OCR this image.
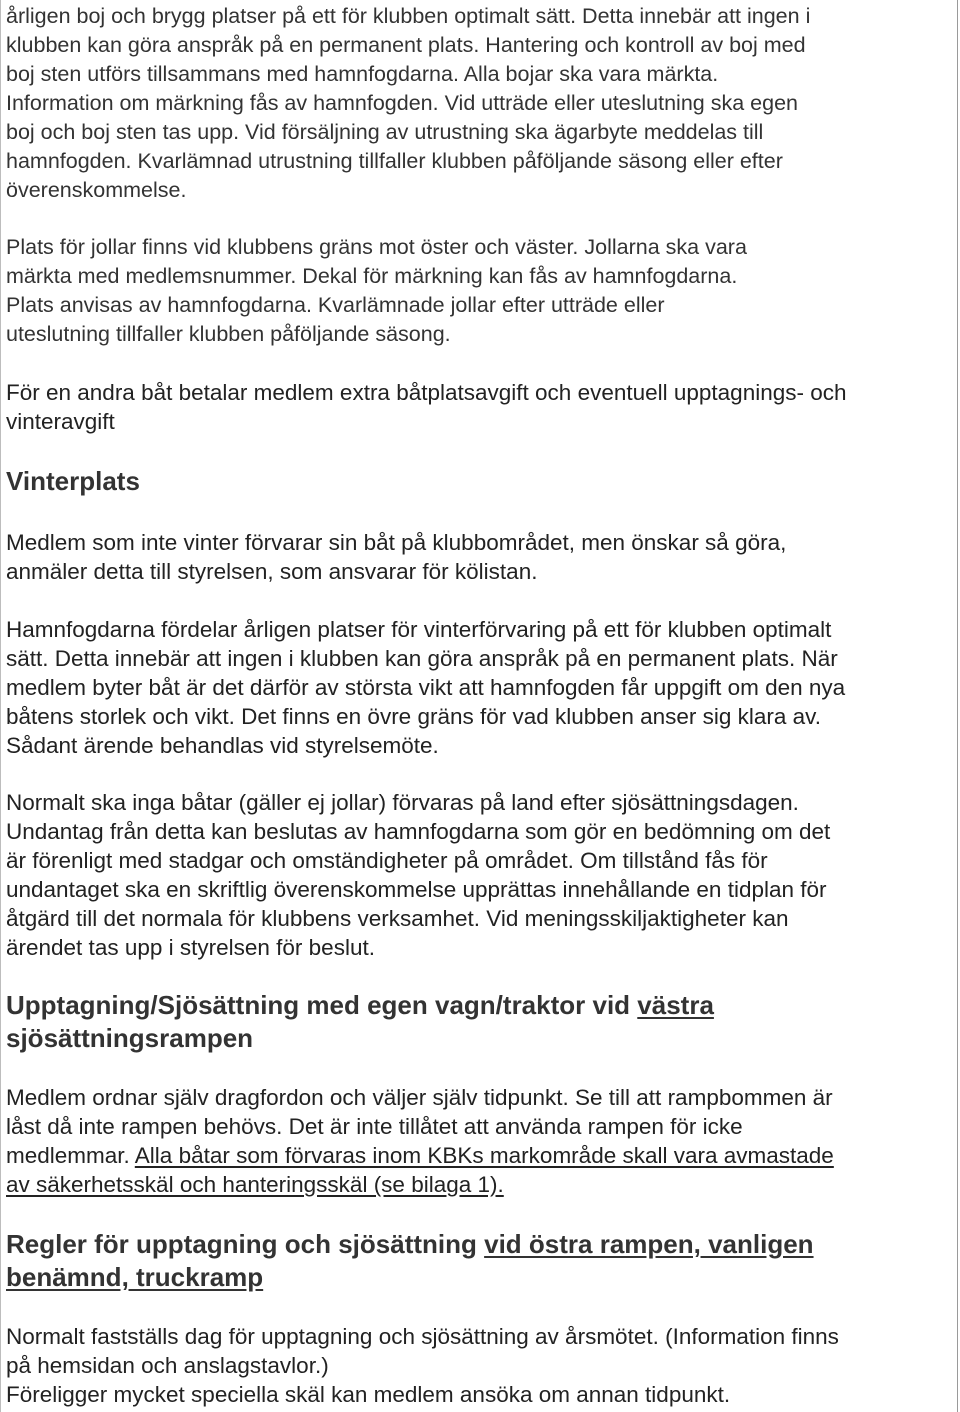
årligen boj och brygg platser på ett för klubben optimalt sätt. Detta innebär att ingen i
klubben kan göra anspråk på en permanent plats. Hantering och kontroll av boj med
boj sten utförs tillsammans med hamnfogdarna. Alla bojar ska vara märkta.
Information om märkning fås av hamnfogden. Vid utträde eller uteslutning ska egen
boj och boj sten tas upp. Vid försäljning av utrustning ska ägarbyte meddelas till
hamnfogden. Kvarlämnad utrustning tillfaller klubben påföljande säsong eller efter
överenskommelse.

Plats för jollar finns vid klubbens gräns mot öster och väster. Jollarna ska vara
märkta med medlemsnummer. Dekal för märkning kan fås av hamnfogdarna.
Plats anvisas av hamnfogdarna. Kvarlämnade jollar efter utträde eller
uteslutning tillfaller klubben påföljande säsong.

För en andra båt betalar medlem extra båtplatsavgift och eventuell upptagnings- och
vinteravgift

Vinterplats

Medlem som inte vinter förvarar sin båt på klubbområdet, men önskar så göra,
anmäler detta till styrelsen, som ansvarar för kölistan.

Hamnfogdarna fördelar årligen platser för vinterförvaring på ett för klubben optimalt
sätt. Detta innebär att ingen i klubben kan göra anspråk på en permanent plats. När
medlem byter båt är det därför av största vikt att hamnfogden får uppgift om den nya
båtens storlek och vikt. Det finns en övre gräns för vad klubben anser sig klara av.
Sådant ärende behandlas vid styrelsemöte.

Normalt ska inga båtar (gäller ej jollar) förvaras på land efter sjösättningsdagen.
Undantag från detta kan beslutas av hamnfogdarna som gör en bedömning om det
är förenligt med stadgar och omständigheter på området. Om tillstånd fås för
undantaget ska en skriftlig överenskommelse upprättas innehållande en tidplan för
åtgärd till det normala för klubbens verksamhet. Vid meningsskiljaktigheter kan
ärendet tas upp i styrelsen för beslut.

Upptagning/Sjösättning med egen vagn/traktor vid västra
sjösättningsrampen

Medlem ordnar själv dragfordon och väljer själv tidpunkt. Se till att rampbommen är
låst då inte rampen behövs. Det är inte tillåtet att använda rampen för icke
medlemmar. Alla båtar som förvaras inom KBKs markområde skall vara avmastade
av säkerhetsskäl och hanteringsskäl (se bilaga 1).

Regler för upptagning och sjösättning vid östra rampen, vanligen
benämnd, truckramp

Normalt fastställs dag för upptagning och sjösättning av årsmötet. (Information finns
på hemsidan och anslagstavlor.)
Föreligger mycket speciella skäl kan medlem ansöka om annan tidpunkt.
